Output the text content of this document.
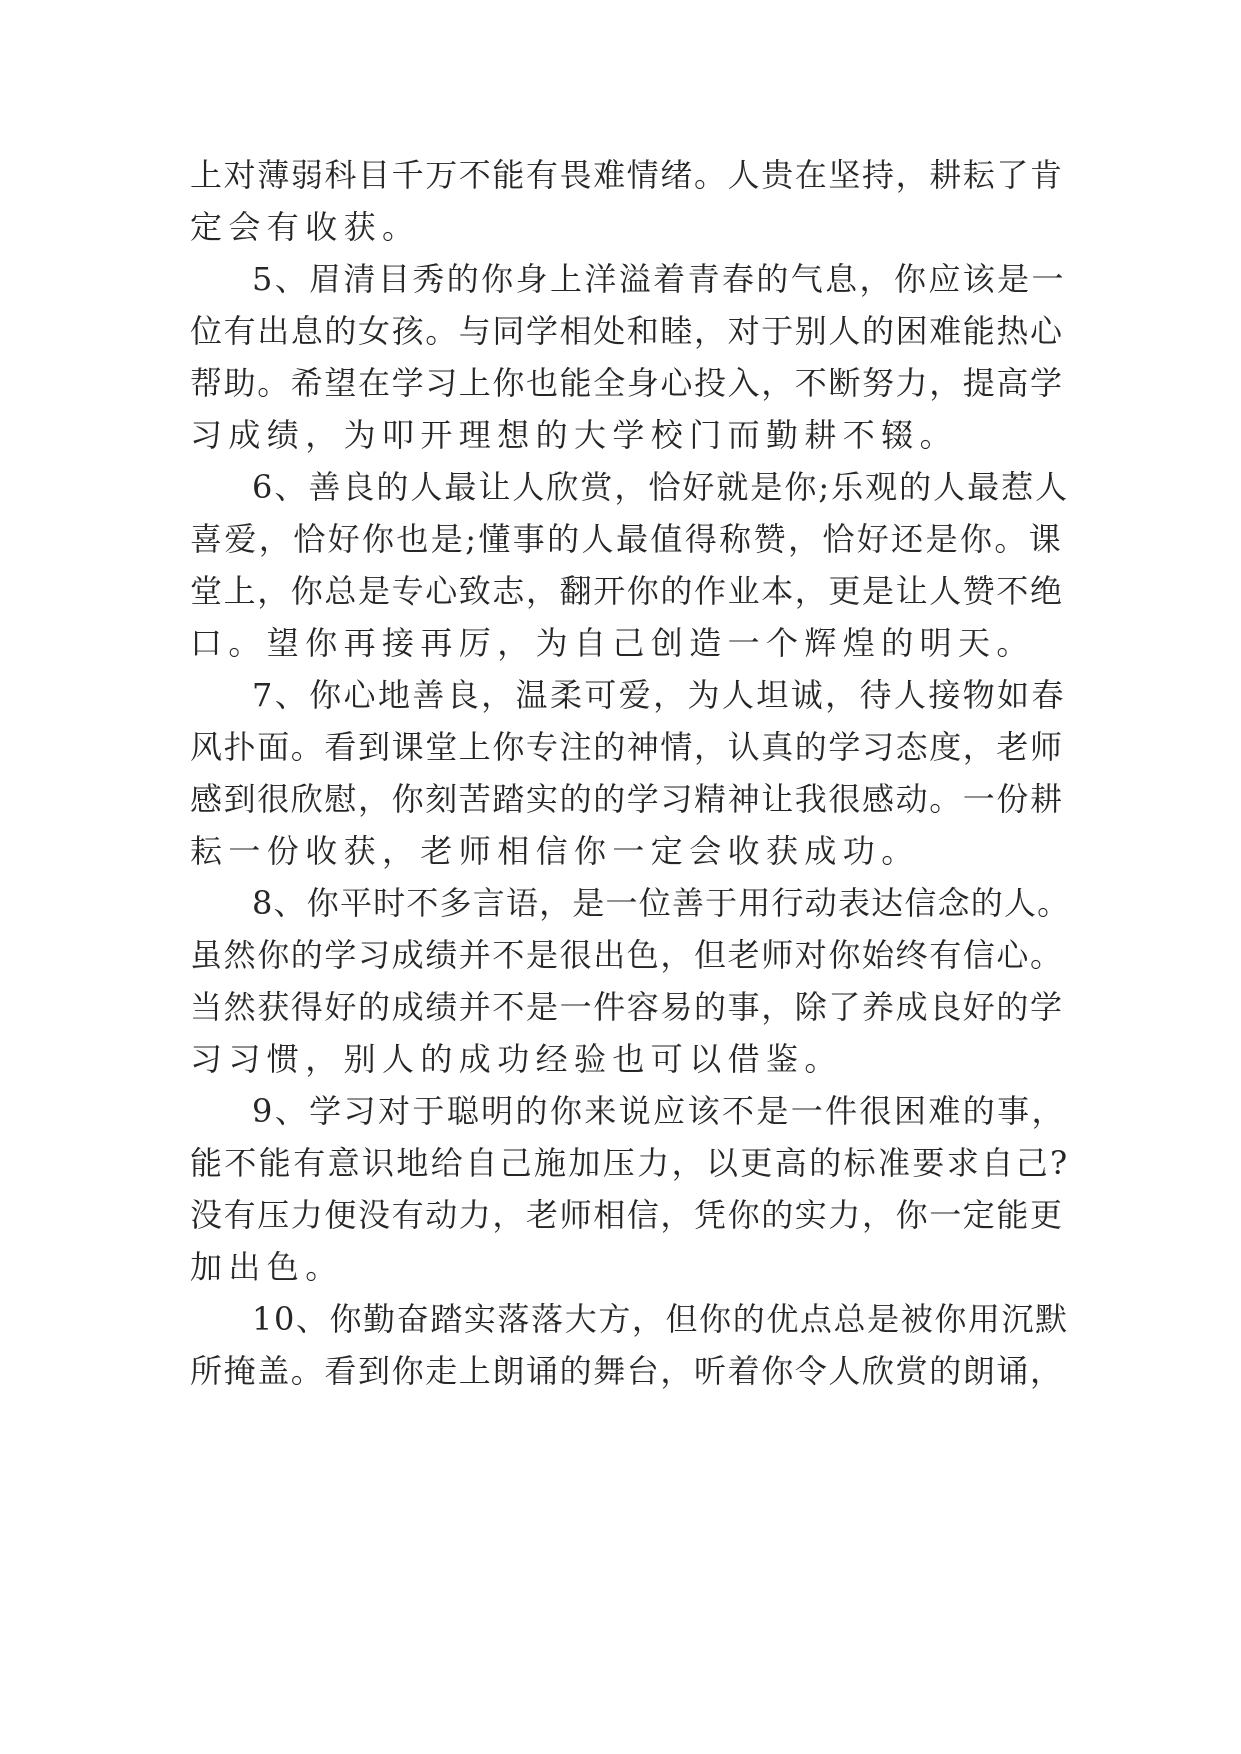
上对薄弱科目千万不能有畏难情绪。人贵在坚持，耕耘了肯
定会有收获。
5、眉清目秀的你身上洋溢着青春的气息，你应该是一
位有出息的女孩。与同学相处和睦，对于别人的困难能热心
帮助。希望在学习上你也能全身心投入，不断努力，提高学
习成绩，为叩开理想的大学校门而勤耕不辍。
6、善良的人最让人欣赏，恰好就是你;乐观的人最惹人
喜爱，恰好你也是;懂事的人最值得称赞，恰好还是你。课
堂上，你总是专心致志，翻开你的作业本，更是让人赞不绝
口。望你再接再厉，为自己创造一个辉煌的明天。
7、你心地善良，温柔可爱，为人坦诚，待人接物如春
风扑面。看到课堂上你专注的神情，认真的学习态度，老师
感到很欣慰，你刻苦踏实的的学习精神让我很感动。一份耕
耘一份收获，老师相信你一定会收获成功。
8、你平时不多言语，是一位善于用行动表达信念的人。
虽然你的学习成绩并不是很出色，但老师对你始终有信心。
当然获得好的成绩并不是一件容易的事，除了养成良好的学
习习惯，别人的成功经验也可以借鉴。
9、学习对于聪明的你来说应该不是一件很困难的事，
能不能有意识地给自己施加压力，以更高的标准要求自己?
没有压力便没有动力，老师相信，凭你的实力，你一定能更
加出色。
10、你勤奋踏实落落大方，但你的优点总是被你用沉默
所掩盖。看到你走上朗诵的舞台，听着你令人欣赏的朗诵，
